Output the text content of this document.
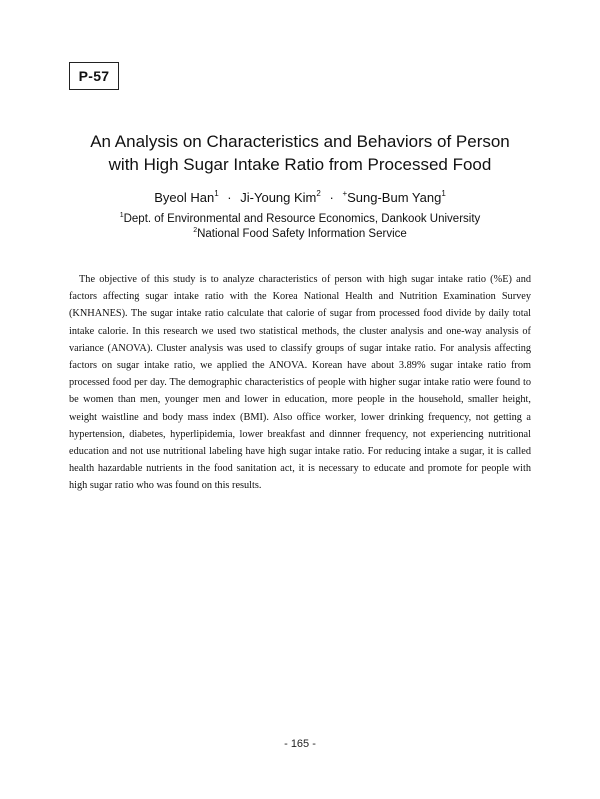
P-57
An Analysis on Characteristics and Behaviors of Person
with High Sugar Intake Ratio from Processed Food
Byeol Han$^1$ · Ji-Young Kim$^2$ · +Sung-Bum Yang$^1$
$^1$Dept. of Environmental and Resource Economics, Dankook University
$^2$National Food Safety Information Service

The objective of this study is to analyze characteristics of person with high sugar intake ratio (%E) and factors affecting sugar intake ratio with the Korea National Health and Nutrition Examination Survey (KNHANES). The sugar intake ratio calculate that calorie of sugar from processed food divide by daily total intake calorie. In this research we used two statistical methods, the cluster analysis and one-way analysis of variance (ANOVA). Cluster analysis was used to classify groups of sugar intake ratio. For analysis affecting factors on sugar intake ratio, we applied the ANOVA. Korean have about 3.89% sugar intake ratio from processed food per day. The demographic characteristics of people with higher sugar intake ratio were found to be women than men, younger men and lower in education, more people in the household, smaller height, weight waistline and body mass index (BMI). Also office worker, lower drinking frequency, not getting a hypertension, diabetes, hyperlipidemia, lower breakfast and dinnner frequency, not experiencing nutritional education and not use nutritional labeling have high sugar intake ratio. For reducing intake a sugar, it is called health hazardable nutrients in the food sanitation act, it is necessary to educate and promote for people with high sugar ratio who was found on this results.

- 165 -
